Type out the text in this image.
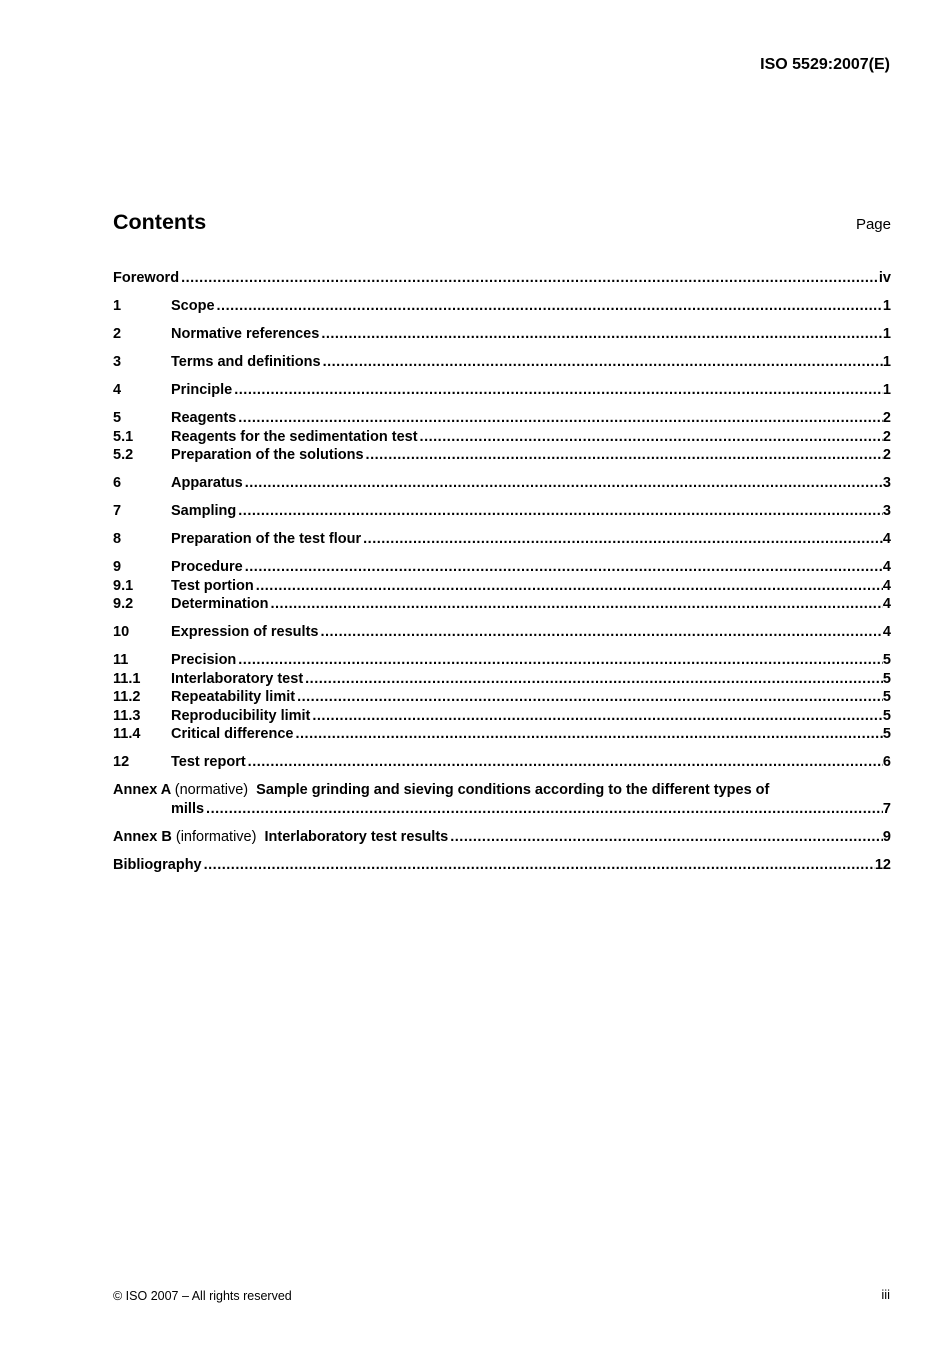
ISO 5529:2007(E)
Contents	Page
Foreword .....	iv
1	Scope .....	1
2	Normative references .....	1
3	Terms and definitions .....	1
4	Principle .....	1
5	Reagents .....	2
5.1	Reagents for the sedimentation test .....	2
5.2	Preparation of the solutions .....	2
6	Apparatus .....	3
7	Sampling .....	3
8	Preparation of the test flour .....	4
9	Procedure .....	4
9.1	Test portion .....	4
9.2	Determination .....	4
10	Expression of results .....	4
11	Precision .....	5
11.1 Interlaboratory test .....	5
11.2 Repeatability limit .....	5
11.3 Reproducibility limit .....	5
11.4 Critical difference .....	5
12	Test report .....	6
Annex A (normative) Sample grinding and sieving conditions according to the different types of
mills .....	7
Annex B (informative) Interlaboratory test results .....	9
Bibliography .....	12
© ISO 2007 – All rights reserved	iii
